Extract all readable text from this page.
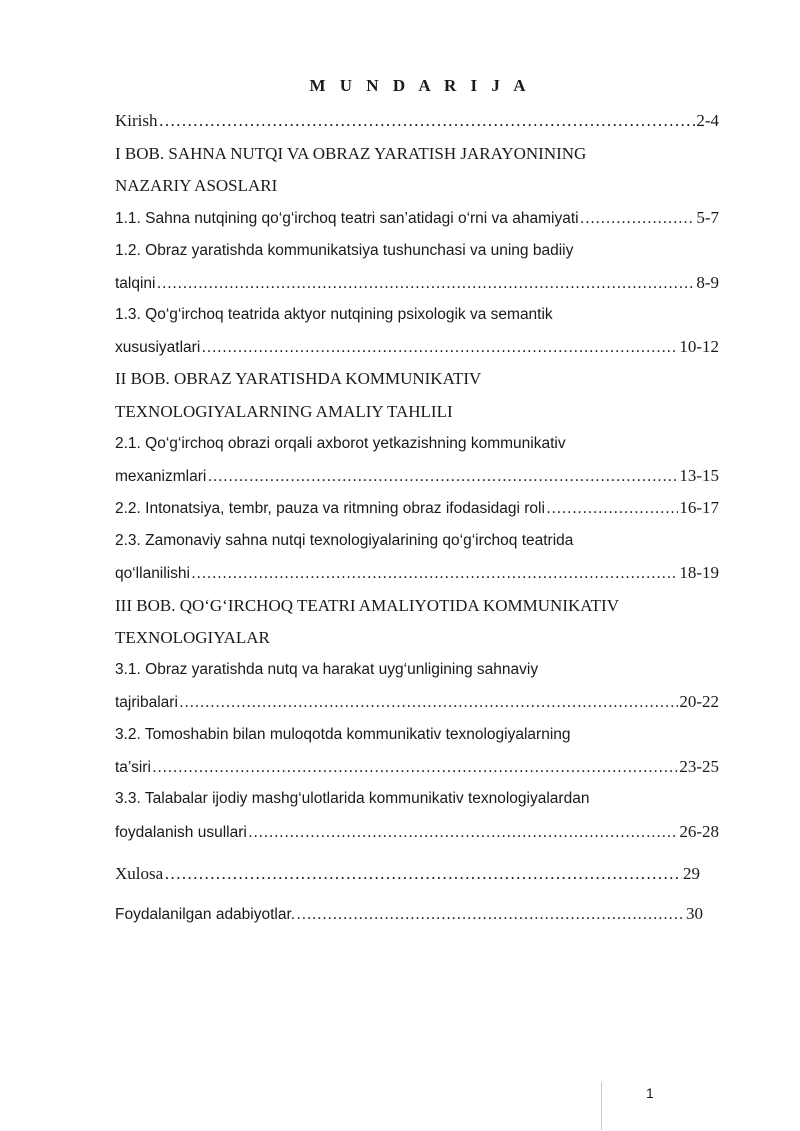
M U N D A R I J A
Kirish ………………………………………………………………………………………………………………………………………………………………………………………………	2-4
I BOB. SAHNA NUTQI VA OBRAZ YARATISH JARAYONINING
NAZARIY ASOSLARI
1.1. Sahna nutqining qo‘g‘irchoq teatri san’atidagi o‘rni va ahamiyati ………………………………………………………………………………………………………………………………………………………………………………………………	5-7
1.2. Obraz yaratishda kommunikatsiya tushunchasi va uning badiiy
talqini ………………………………………………………………………………………………………………………………………………………………………………………………	8-9
1.3. Qo‘g‘irchoq teatrida aktyor nutqining psixologik va semantik
xususiyatlari ………………………………………………………………………………………………………………………………………………………………………………………………	10-12
II BOB. OBRAZ YARATISHDA KOMMUNIKATIV
TEXNOLOGIYALARNING AMALIY TAHLILI
2.1. Qo‘g‘irchoq obrazi orqali axborot yetkazishning kommunikativ
mexanizmlari ………………………………………………………………………………………………………………………………………………………………………………………………	13-15
2.2. Intonatsiya, tembr, pauza va ritmning obraz ifodasidagi roli ………………………………………………………………………………………………………………………………………………………………………………………………	16-17
2.3. Zamonaviy sahna nutqi texnologiyalarining qo‘g‘irchoq teatrida
qo‘llanilishi ………………………………………………………………………………………………………………………………………………………………………………………………	18-19
III BOB. QO‘G‘IRCHOQ TEATRI AMALIYOTIDA KOMMUNIKATIV
TEXNOLOGIYALAR
3.1. Obraz yaratishda nutq va harakat uyg‘unligining sahnaviy
tajribalari ………………………………………………………………………………………………………………………………………………………………………………………………	20-22
3.2. Tomoshabin bilan muloqotda kommunikativ texnologiyalarning
ta’siri ………………………………………………………………………………………………………………………………………………………………………………………………	23-25
3.3. Talabalar ijodiy mashg‘ulotlarida kommunikativ texnologiyalardan
foydalanish usullari ………………………………………………………………………………………………………………………………………………………………………………………………	26-28
Xulosa ………………………………………………………………………………………………………………………………………………………………………………………………	29
Foydalanilgan adabiyotlar. ………………………………………………………………………………………………………………………………………………………………………………………………	30
1
